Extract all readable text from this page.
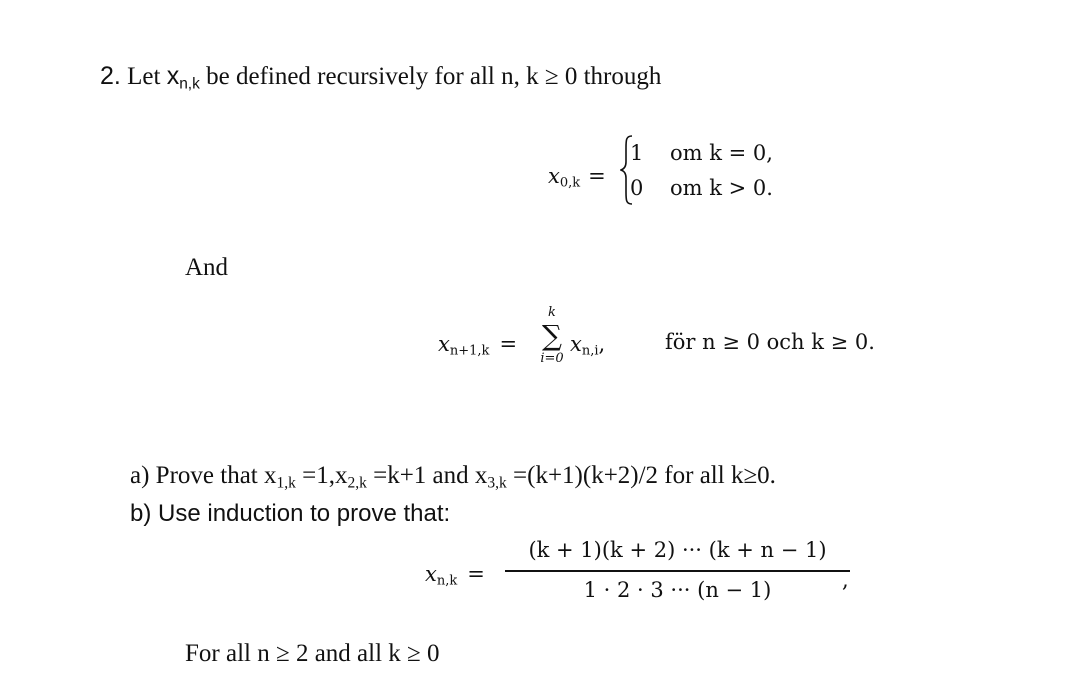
2. Let $x_{n,k}$ be defined recursively for all n, k ≥ 0 through
$x_{0,k}$ =
1 om k = 0,
0 om k > 0.
And
$x_{n+1,k}$ =
k
∑
i=0
$x_{n,i}$,	för n ≥ 0 och k ≥ 0.
a) Prove that $x_{1,k} =1,x_{2,k} =k+1$ and $x_{3,k} =(k+1)(k+2)/2$ for all k≥0.
b) Use induction to prove that:
$x_{n,k}$ =
(k + 1)(k + 2) ··· (k + n − 1)
1 · 2 · 3 ··· (n − 1)	,
For all n ≥ 2 and all k ≥ 0
